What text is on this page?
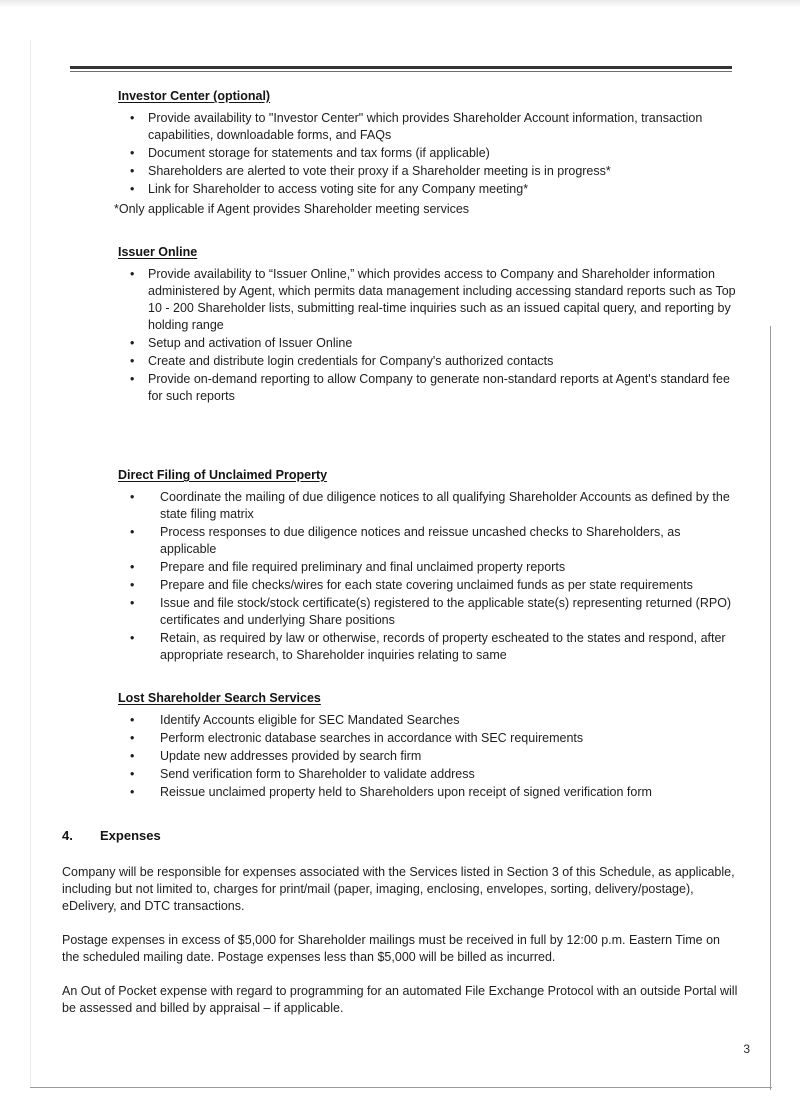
Investor Center (optional)
• Provide availability to "Investor Center" which provides Shareholder Account information, transaction capabilities, downloadable forms, and FAQs
• Document storage for statements and tax forms (if applicable)
• Shareholders are alerted to vote their proxy if a Shareholder meeting is in progress*
• Link for Shareholder to access voting site for any Company meeting*
*Only applicable if Agent provides Shareholder meeting services
Issuer Online
• Provide availability to “Issuer Online,” which provides access to Company and Shareholder information administered by Agent, which permits data management including accessing standard reports such as Top 10 - 200 Shareholder lists, submitting real-time inquiries such as an issued capital query, and reporting by holding range
• Setup and activation of Issuer Online
• Create and distribute login credentials for Company's authorized contacts
• Provide on-demand reporting to allow Company to generate non-standard reports at Agent's standard fee for such reports
Direct Filing of Unclaimed Property
• Coordinate the mailing of due diligence notices to all qualifying Shareholder Accounts as defined by the state filing matrix
• Process responses to due diligence notices and reissue uncashed checks to Shareholders, as applicable
• Prepare and file required preliminary and final unclaimed property reports
• Prepare and file checks/wires for each state covering unclaimed funds as per state requirements
• Issue and file stock/stock certificate(s) registered to the applicable state(s) representing returned (RPO) certificates and underlying Share positions
• Retain, as required by law or otherwise, records of property escheated to the states and respond, after appropriate research, to Shareholder inquiries relating to same
Lost Shareholder Search Services
• Identify Accounts eligible for SEC Mandated Searches
• Perform electronic database searches in accordance with SEC requirements
• Update new addresses provided by search firm
• Send verification form to Shareholder to validate address
• Reissue unclaimed property held to Shareholders upon receipt of signed verification form
4. Expenses

Company will be responsible for expenses associated with the Services listed in Section 3 of this Schedule, as applicable, including but not limited to, charges for print/mail (paper, imaging, enclosing, envelopes, sorting, delivery/postage), eDelivery, and DTC transactions.

Postage expenses in excess of $5,000 for Shareholder mailings must be received in full by 12:00 p.m. Eastern Time on the scheduled mailing date. Postage expenses less than $5,000 will be billed as incurred.

An Out of Pocket expense with regard to programming for an automated File Exchange Protocol with an outside Portal will be assessed and billed by appraisal – if applicable.

3
